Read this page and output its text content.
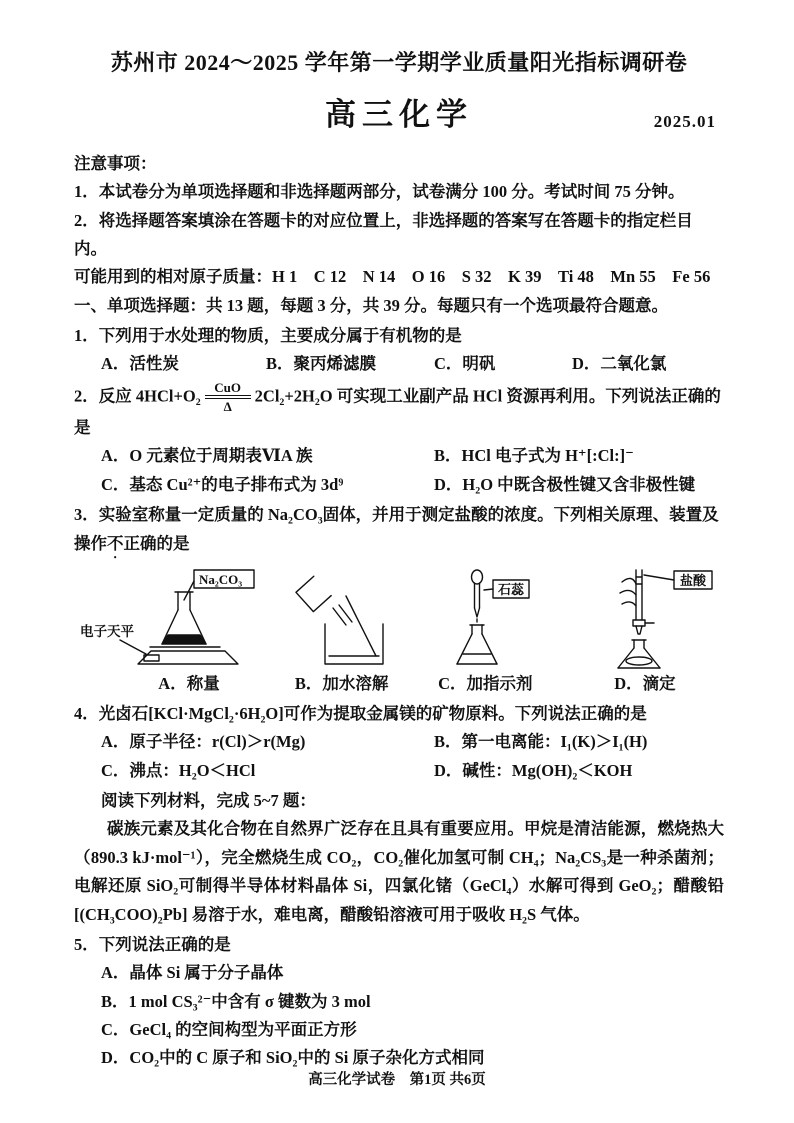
苏州市 2024～2025 学年第一学期学业质量阳光指标调研卷
高三化学	2025.01
注意事项：

1．本试卷分为单项选择题和非选择题两部分，试卷满分 100 分。考试时间 75 分钟。

2．将选择题答案填涂在答题卡的对应位置上，非选择题的答案写在答题卡的指定栏目内。

可能用到的相对原子质量：H 1　C 12　N 14　O 16　S 32　K 39　Ti 48　Mn 55　Fe 56

一、单项选择题：共 13 题，每题 3 分，共 39 分。每题只有一个选项最符合题意。

1．下列用于水处理的物质，主要成分属于有机物的是

A．活性炭	B．聚丙烯滤膜	C．明矾	D．二氧化氯
2．反应 4HCl+O₂ CuO
Δ
2Cl₂+2H₂O 可实现工业副产品 HCl 资源再利用。下列说法正确的是
A．O 元素位于周期表ⅥA 族	B．HCl 电子式为 H⁺[:Cl:]⁻
C．基态 Cu²⁺的电子排布式为 3d⁹	D．H₂O 中既含极性键又含非极性键
3．实验室称量一定质量的 Na₂CO₃固体，并用于测定盐酸的浓度。下列相关原理、装置及操作不正确的是
Na₂CO₃
电子天平
A．称量	B．加水溶解
石蕊
C．加指示剂
盐酸
D．滴定

4．光卤石[KCl·MgCl₂·6H₂O]可作为提取金属镁的矿物原料。下列说法正确的是

A．原子半径：r(Cl)＞r(Mg)	B．第一电离能：I₁(K)＞I₁(H)
C．沸点：H₂O＜HCl	D．碱性：Mg(OH)₂＜KOH

阅读下列材料，完成 5~7 题：

碳族元素及其化合物在自然界广泛存在且具有重要应用。甲烷是清洁能源，燃烧热大（890.3 kJ·mol⁻¹），完全燃烧生成 CO₂，CO₂催化加氢可制 CH₄；Na₂CS₃是一种杀菌剂；电解还原 SiO₂可制得半导体材料晶体 Si，四氯化锗（GeCl₄）水解可得到 GeO₂；醋酸铅 [(CH₃COO)₂Pb] 易溶于水，难电离，醋酸铅溶液可用于吸收 H₂S 气体。

5．下列说法正确的是

A．晶体 Si 属于分子晶体

B．1 mol CS₃²⁻中含有 σ 键数为 3 mol

C．GeCl₄ 的空间构型为平面正方形

D．CO₂中的 C 原子和 SiO₂中的 Si 原子杂化方式相同

高三化学试卷　第1页 共6页
